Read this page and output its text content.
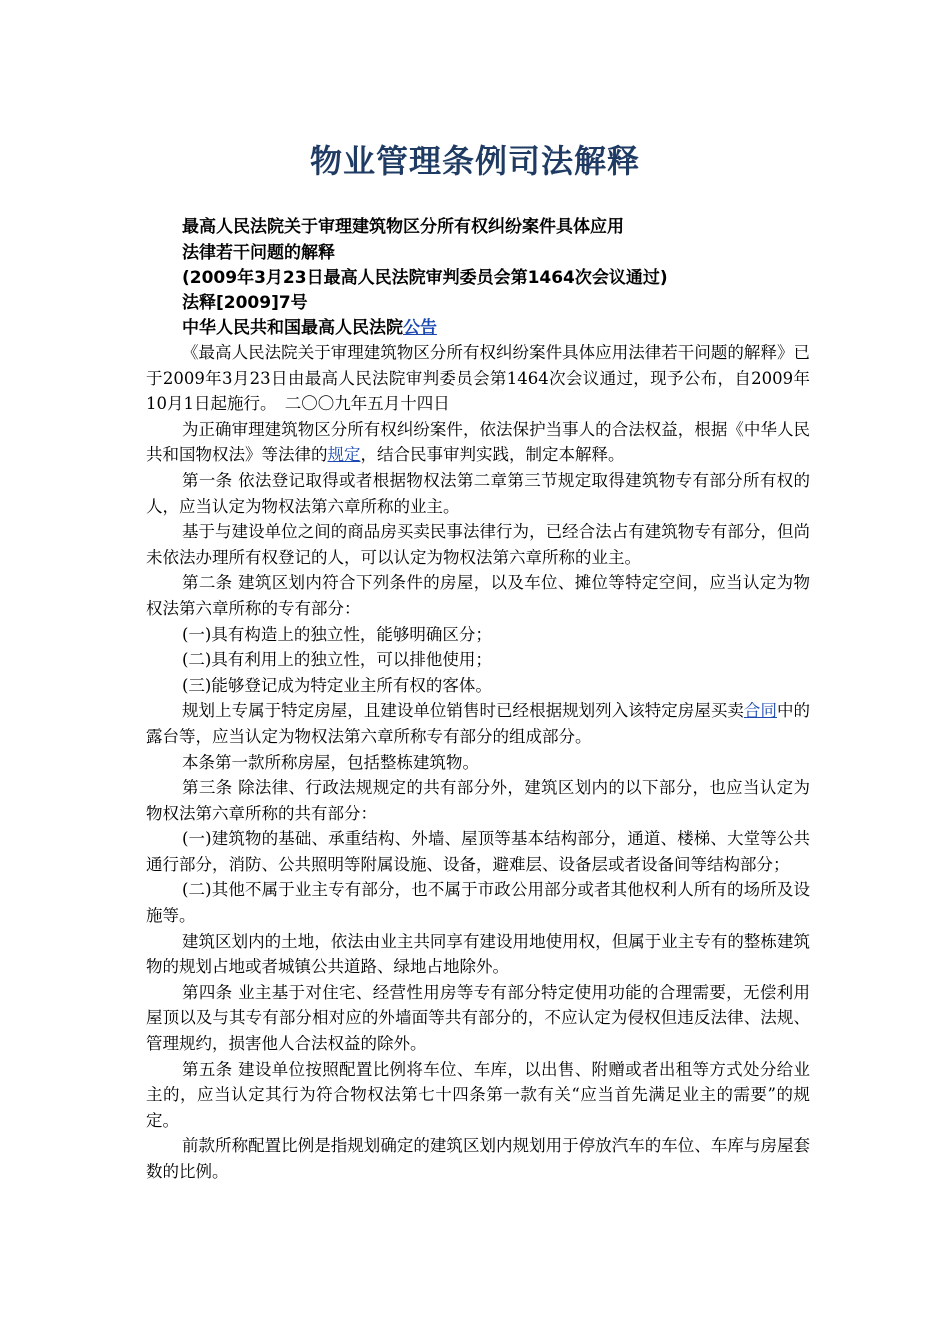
物业管理条例司法解释
最高人民法院关于审理建筑物区分所有权纠纷案件具体应用
法律若干问题的解释
(2009年3月23日最高人民法院审判委员会第1464次会议通过)
法释[2009]7号
中华人民共和国最高人民法院公告

《最高人民法院关于审理建筑物区分所有权纠纷案件具体应用法律若干问题的解释》已于2009年3月23日由最高人民法院审判委员会第1464次会议通过，现予公布，自2009年10月1日起施行。　二〇〇九年五月十四日

为正确审理建筑物区分所有权纠纷案件，依法保护当事人的合法权益，根据《中华人民共和国物权法》等法律的规定，结合民事审判实践，制定本解释。

第一条 依法登记取得或者根据物权法第二章第三节规定取得建筑物专有部分所有权的人，应当认定为物权法第六章所称的业主。

基于与建设单位之间的商品房买卖民事法律行为，已经合法占有建筑物专有部分，但尚未依法办理所有权登记的人，可以认定为物权法第六章所称的业主。

第二条 建筑区划内符合下列条件的房屋，以及车位、摊位等特定空间，应当认定为物权法第六章所称的专有部分：

(一)具有构造上的独立性，能够明确区分；

(二)具有利用上的独立性，可以排他使用；

(三)能够登记成为特定业主所有权的客体。

规划上专属于特定房屋，且建设单位销售时已经根据规划列入该特定房屋买卖合同中的露台等，应当认定为物权法第六章所称专有部分的组成部分。

本条第一款所称房屋，包括整栋建筑物。

第三条 除法律、行政法规规定的共有部分外，建筑区划内的以下部分，也应当认定为物权法第六章所称的共有部分：

(一)建筑物的基础、承重结构、外墙、屋顶等基本结构部分，通道、楼梯、大堂等公共通行部分，消防、公共照明等附属设施、设备，避难层、设备层或者设备间等结构部分；

(二)其他不属于业主专有部分，也不属于市政公用部分或者其他权利人所有的场所及设施等。

建筑区划内的土地，依法由业主共同享有建设用地使用权，但属于业主专有的整栋建筑物的规划占地或者城镇公共道路、绿地占地除外。

第四条 业主基于对住宅、经营性用房等专有部分特定使用功能的合理需要，无偿利用屋顶以及与其专有部分相对应的外墙面等共有部分的，不应认定为侵权但违反法律、法规、管理规约，损害他人合法权益的除外。

第五条 建设单位按照配置比例将车位、车库，以出售、附赠或者出租等方式处分给业主的，应当认定其行为符合物权法第七十四条第一款有关“应当首先满足业主的需要”的规定。

前款所称配置比例是指规划确定的建筑区划内规划用于停放汽车的车位、车库与房屋套数的比例。
